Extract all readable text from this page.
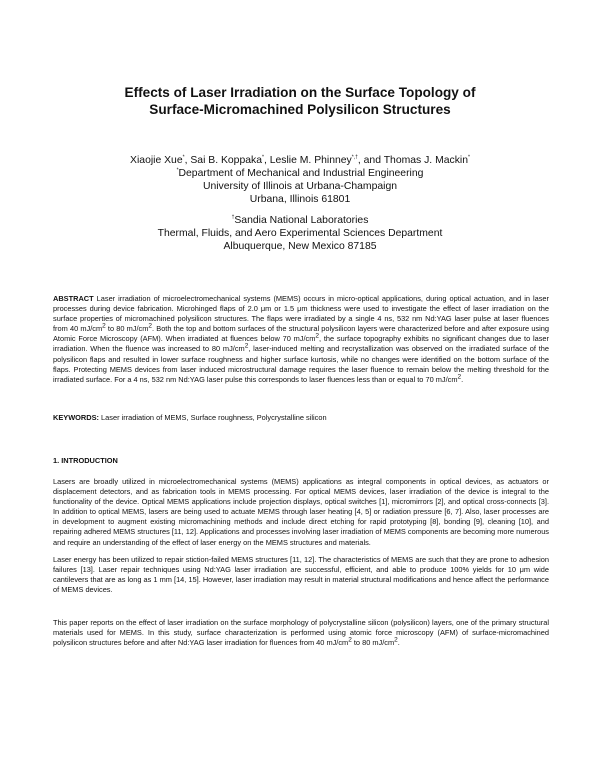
Effects of Laser Irradiation on the Surface Topology of
Surface-Micromachined Polysilicon Structures
Xiaojie Xue*, Sai B. Koppaka*, Leslie M. Phinney*,†, and Thomas J. Mackin*
*Department of Mechanical and Industrial Engineering
University of Illinois at Urbana-Champaign
Urbana, Illinois 61801
†Sandia National Laboratories
Thermal, Fluids, and Aero Experimental Sciences Department
Albuquerque, New Mexico 87185
ABSTRACT Laser irradiation of microelectromechanical systems (MEMS) occurs in micro-optical applications, during optical actuation, and in laser processes during device fabrication. Microhinged flaps of 2.0 μm or 1.5 μm thickness were used to investigate the effect of laser irradiation on the surface properties of micromachined polysilicon structures. The flaps were irradiated by a single 4 ns, 532 nm Nd:YAG laser pulse at laser fluences from 40 $mJ/cm^2$ to 80 $mJ/cm^2$. Both the top and bottom surfaces of the structural polysilicon layers were characterized before and after exposure using Atomic Force Microscopy (AFM). When irradiated at fluences below 70 $mJ/cm^2$, the surface topography exhibits no significant changes due to laser irradiation. When the fluence was increased to 80 $mJ/cm^2$, laser-induced melting and recrystallization was observed on the irradiated surface of the polysilicon flaps and resulted in lower surface roughness and higher surface kurtosis, while no changes were identified on the bottom surface of the flaps. Protecting MEMS devices from laser induced microstructural damage requires the laser fluence to remain below the melting threshold for the irradiated surface. For a 4 ns, 532 nm Nd:YAG laser pulse this corresponds to laser fluences less than or equal to 70 $mJ/cm^2$.
KEYWORDS: Laser irradiation of MEMS, Surface roughness, Polycrystalline silicon
1. INTRODUCTION
Lasers are broadly utilized in microelectromechanical systems (MEMS) applications as integral components in optical devices, as actuators or displacement detectors, and as fabrication tools in MEMS processing. For optical MEMS devices, laser irradiation of the device is integral to the functionality of the device. Optical MEMS applications include projection displays, optical switches [1], micromirrors [2], and optical cross-connects [3]. In addition to optical MEMS, lasers are being used to actuate MEMS through laser heating [4, 5] or radiation pressure [6, 7]. Also, laser processes are in development to augment existing micromachining methods and include direct etching for rapid prototyping [8], bonding [9], cleaning [10], and repairing adhered MEMS structures [11, 12]. Applications and processes involving laser irradiation of MEMS components are becoming more numerous and require an understanding of the effect of laser energy on the MEMS structures and materials.
Laser energy has been utilized to repair stiction-failed MEMS structures [11, 12]. The characteristics of MEMS are such that they are prone to adhesion failures [13]. Laser repair techniques using Nd:YAG laser irradiation are successful, efficient, and able to produce 100% yields for 10 μm wide cantilevers that are as long as 1 mm [14, 15]. However, laser irradiation may result in material structural modifications and hence affect the performance of MEMS devices.
This paper reports on the effect of laser irradiation on the surface morphology of polycrystalline silicon (polysilicon) layers, one of the primary structural materials used for MEMS. In this study, surface characterization is performed using atomic force microscopy (AFM) of surface-micromachined polysilicon structures before and after Nd:YAG laser irradiation for fluences from 40 $mJ/cm^2$ to 80 $mJ/cm^2$.
